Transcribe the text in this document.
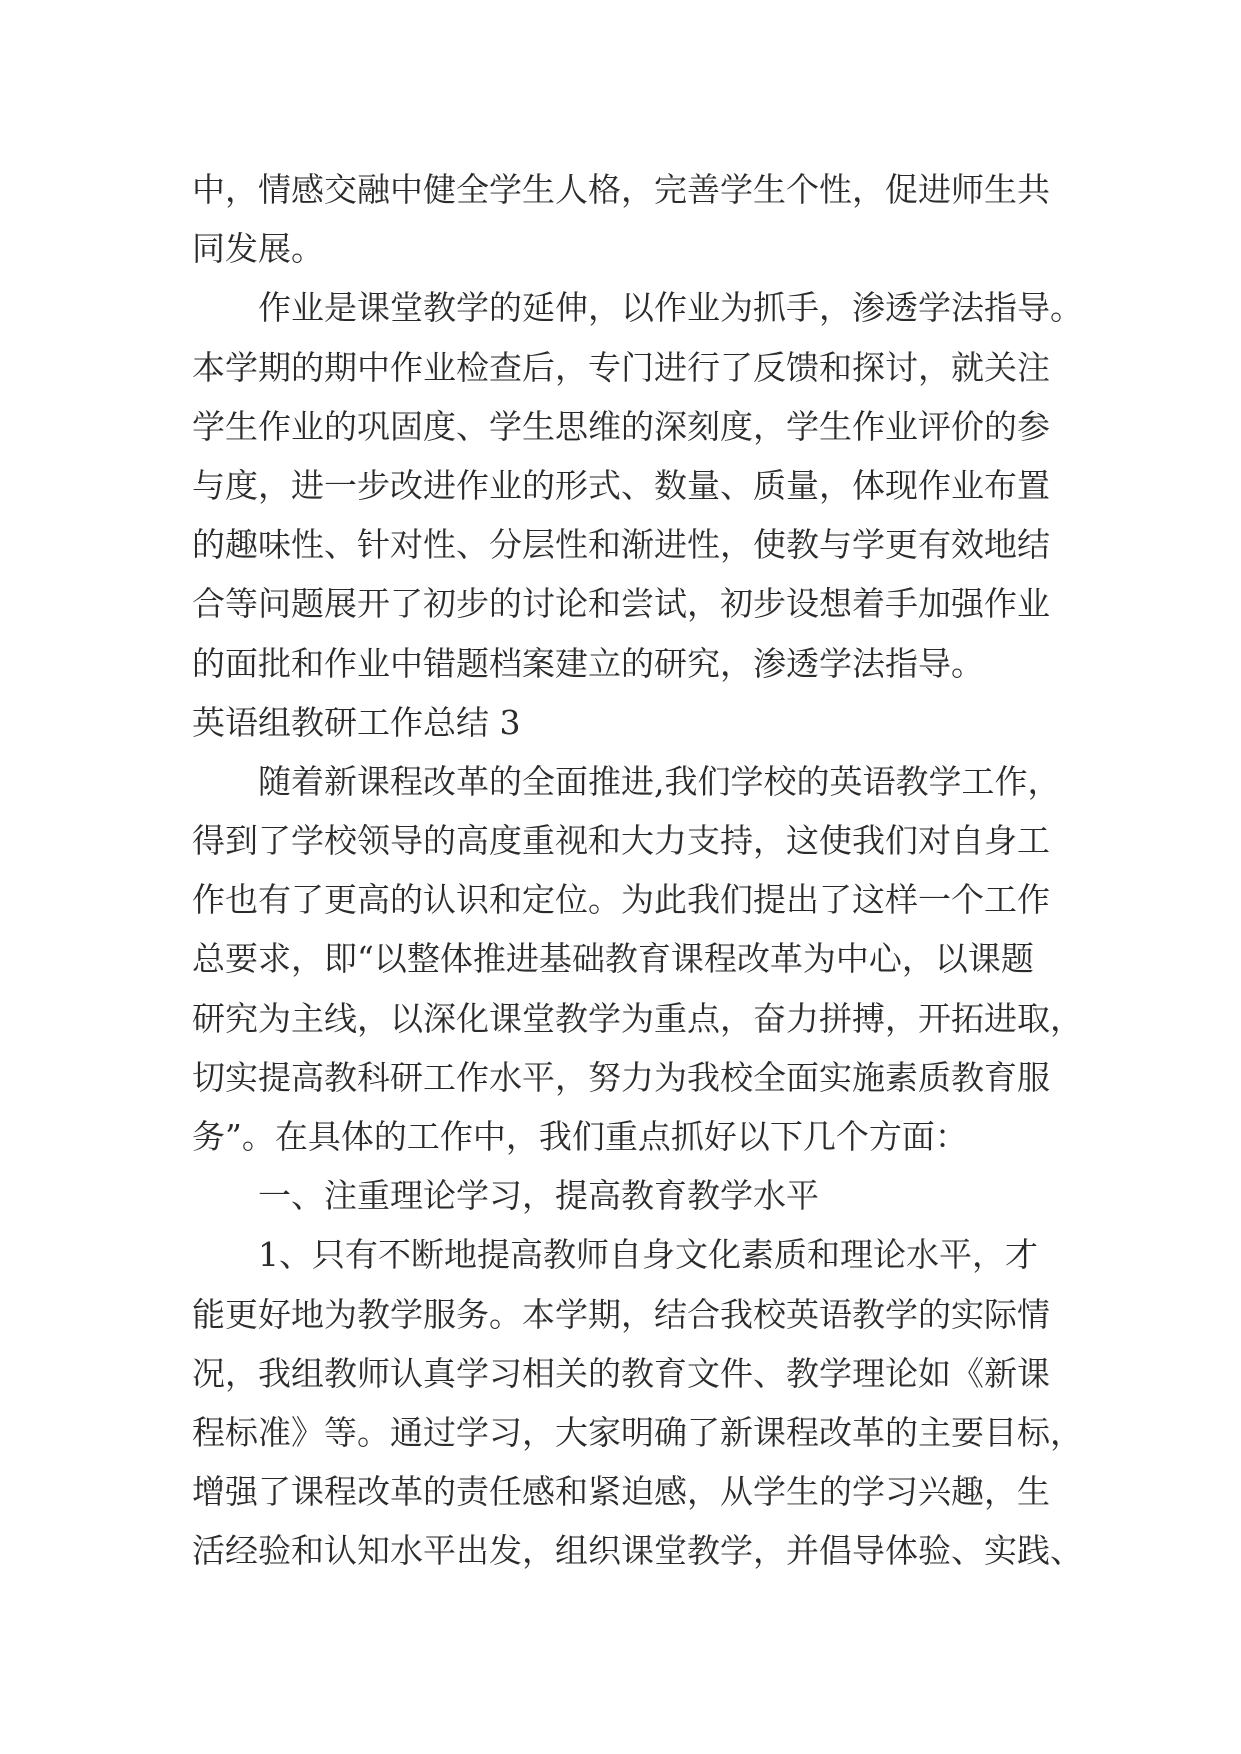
中，情感交融中健全学生人格，完善学生个性，促进师生共
同发展。
作业是课堂教学的延伸，以作业为抓手，渗透学法指导。
本学期的期中作业检查后，专门进行了反馈和探讨，就关注
学生作业的巩固度、学生思维的深刻度，学生作业评价的参
与度，进一步改进作业的形式、数量、质量，体现作业布置
的趣味性、针对性、分层性和渐进性，使教与学更有效地结
合等问题展开了初步的讨论和尝试，初步设想着手加强作业
的面批和作业中错题档案建立的研究，渗透学法指导。
英语组教研工作总结 3
随着新课程改革的全面推进,我们学校的英语教学工作，
得到了学校领导的高度重视和大力支持，这使我们对自身工
作也有了更高的认识和定位。为此我们提出了这样一个工作
总要求，即“以整体推进基础教育课程改革为中心，以课题
研究为主线，以深化课堂教学为重点，奋力拼搏，开拓进取，
切实提高教科研工作水平，努力为我校全面实施素质教育服
务”。在具体的工作中，我们重点抓好以下几个方面：
一、注重理论学习，提高教育教学水平
1、只有不断地提高教师自身文化素质和理论水平，才
能更好地为教学服务。本学期，结合我校英语教学的实际情
况，我组教师认真学习相关的教育文件、教学理论如《新课
程标准》等。通过学习，大家明确了新课程改革的主要目标，
增强了课程改革的责任感和紧迫感，从学生的学习兴趣，生
活经验和认知水平出发，组织课堂教学，并倡导体验、实践、
